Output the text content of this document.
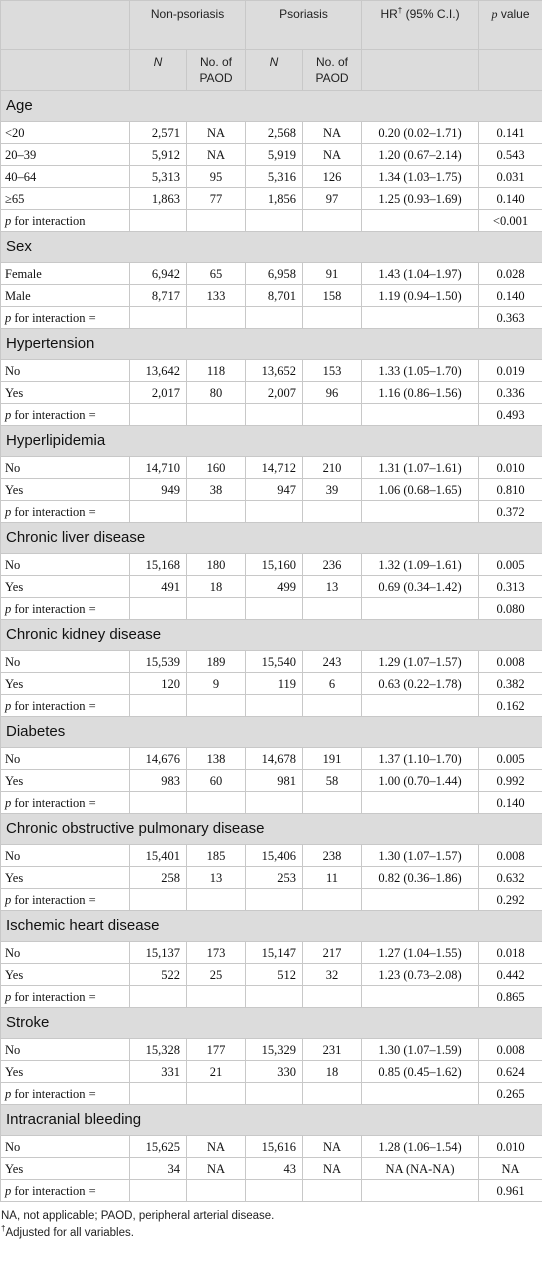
	Non-psoriasis		Psoriasis		HR† (95% C.I.)	p value
	N	No. of PAOD	N	No. of PAOD		
Age						
<20	2,571	NA	2,568	NA	0.20 (0.02–1.71)	0.141
20–39	5,912	NA	5,919	NA	1.20 (0.67–2.14)	0.543
40–64	5,313	95	5,316	126	1.34 (1.03–1.75)	0.031
≥65	1,863	77	1,856	97	1.25 (0.93–1.69)	0.140
p for interaction						<0.001
Sex						
Female	6,942	65	6,958	91	1.43 (1.04–1.97)	0.028
Male	8,717	133	8,701	158	1.19 (0.94–1.50)	0.140
p for interaction =						0.363
Hypertension						
No	13,642	118	13,652	153	1.33 (1.05–1.70)	0.019
Yes	2,017	80	2,007	96	1.16 (0.86–1.56)	0.336
p for interaction =						0.493
Hyperlipidemia						
No	14,710	160	14,712	210	1.31 (1.07–1.61)	0.010
Yes	949	38	947	39	1.06 (0.68–1.65)	0.810
p for interaction =						0.372
Chronic liver disease						
No	15,168	180	15,160	236	1.32 (1.09–1.61)	0.005
Yes	491	18	499	13	0.69 (0.34–1.42)	0.313
p for interaction =						0.080
Chronic kidney disease						
No	15,539	189	15,540	243	1.29 (1.07–1.57)	0.008
Yes	120	9	119	6	0.63 (0.22–1.78)	0.382
p for interaction =						0.162
Diabetes						
No	14,676	138	14,678	191	1.37 (1.10–1.70)	0.005
Yes	983	60	981	58	1.00 (0.70–1.44)	0.992
p for interaction =						0.140
Chronic obstructive pulmonary disease						
No	15,401	185	15,406	238	1.30 (1.07–1.57)	0.008
Yes	258	13	253	11	0.82 (0.36–1.86)	0.632
p for interaction =						0.292
Ischemic heart disease						
No	15,137	173	15,147	217	1.27 (1.04–1.55)	0.018
Yes	522	25	512	32	1.23 (0.73–2.08)	0.442
p for interaction =						0.865
Stroke						
No	15,328	177	15,329	231	1.30 (1.07–1.59)	0.008
Yes	331	21	330	18	0.85 (0.45–1.62)	0.624
p for interaction =						0.265
Intracranial bleeding						
No	15,625	NA	15,616	NA	1.28 (1.06–1.54)	0.010
Yes	34	NA	43	NA	NA (NA-NA)	NA
p for interaction =						0.961
NA, not applicable; PAOD, peripheral arterial disease.
†Adjusted for all variables.
